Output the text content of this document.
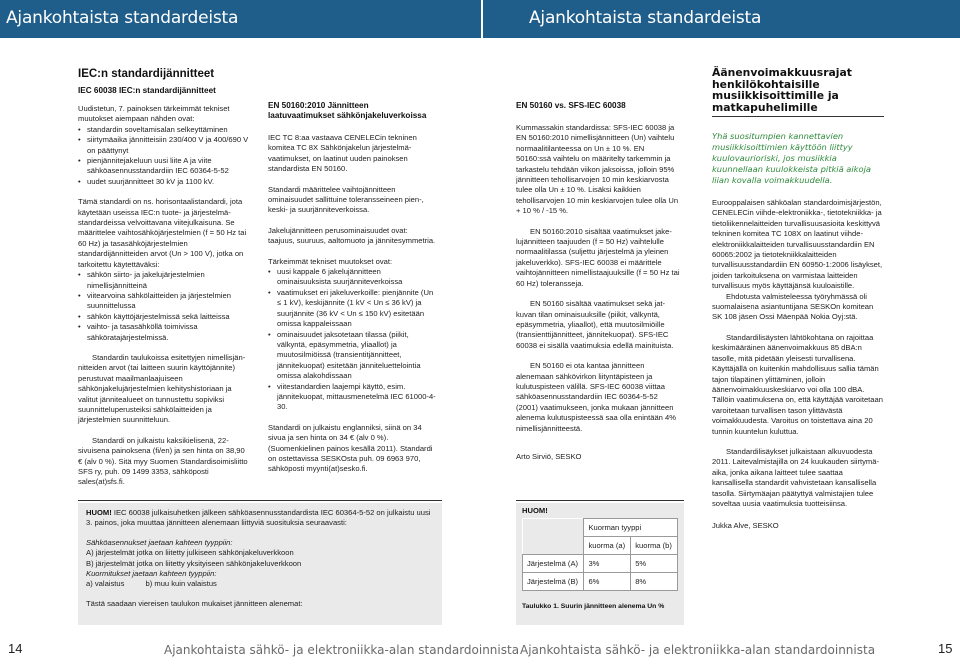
Ajankohtaista standardeista	Ajankohtaista standardeista
IEC:n standardijännitteet
IEC 60038 IEC:n standardijännitteet
Uudistetun, 7. painoksen tärkeimmät tekniset muutokset aiempaan nähden ovat:
• standardin soveltamisalan selkeyttäminen
• siirtymäaika jännitteisiin 230/400 V ja 400/690 V on päättynyt
• pienjännitejakeluun uusi liite A ja viite sähköasennusstandardiin IEC 60364-5-52
• uudet suurjännitteet 30 kV ja 1100 kV.
Tämä standardi on ns. horisontaalistandardi, jota käytetään useissa IEC:n tuote- ja järjestelmästandardeissa velvoittavana viitejulkaisuna. Se määrittelee vaihtosähköjärjestelmien (f = 50 Hz tai 60 Hz) ja tasasähköjärjestelmien standardijännitteiden arvot (Un > 100 V), jotka on tarkoitettu käytettäväksi:
• sähkön siirto- ja jakelujärjestelmien nimellisjännitteinä
• viitearvoina sähkölaitteiden ja järjestelmien suunnittelussa
• sähkön käyttöjärjestelmissä sekä laitteissa
• vaihto- ja tasasähköllä toimivissa sähköratajärjestelmissä.
Standardin taulukoissa esitettyjen nimellisjännitteiden arvot (tai laitteen suurin käyttöjännite) perustuvat maailmanlaajuiseen sähkönjakelujärjestelmien kehityshistoriaan ja valitut jännitealueet on tunnustettu sopiviksi suunnitteluperusteiksi sähkölaitteiden ja järjestelmien suunnitteluun.
Standardi on julkaistu kaksikielisenä, 22-sivuisena painoksena (fi/en) ja sen hinta on 38,90 € (alv 0 %). Sitä myy Suomen Standardisoimisliitto SFS ry, puh. 09 1499 3353, sähköposti sales(at)sfs.fi.
EN 50160:2010 Jännitteen laatuvaatimukset sähkönjakeluverkoissa
IEC TC 8:aa vastaava CENELECin tekninen komitea TC 8X Sähkönjakelun järjestelmävaatimukset, on laatinut uuden painoksen standardista EN 50160.
Standardi määrittelee vaihtojännitteen ominaisuudet sallittuine toleransseineen pien-, keski- ja suurjänniteverkoissa.
Jakelujännitteen perusominaisuudet ovat: taajuus, suuruus, aaltomuoto ja jännitesymmetria.
Tärkeimmät tekniset muutokset ovat:
• uusi kappale 6 jakelujännitteen ominaisuuksista suurjänniteverkoissa
• vaatimukset eri jakeluverkoille: pienjännite (Un ≤ 1 kV), keskijännite (1 kV < Un ≤ 36 kV) ja suurjännite (36 kV < Un ≤ 150 kV) esitetään omissa kappaleissaan
• ominaisuudet jaksotetaan tilassa (piikit, välkyntä, epäsymmetria, yliaallot) ja muutosilmiöissä (transientitjännitteet, jännitekuopat) esitetään jänniteluettelointia omissa alakohdissaan
• viitestandardien laajempi käyttö, esim. jännitekuopat, mittausmenetelmä IEC 61000-4-30.
Standardi on julkaistu englanniksi, siinä on 34 sivua ja sen hinta on 34 € (alv 0 %). (Suomenkielinen painos kesällä 2011). Standardi on ostettavissa SESKOsta puh. 09 6963 970, sähköposti myynti(at)sesko.fi.
HUOM! IEC 60038 julkaisuhetken jälkeen sähköasennusstandardista IEC 60364-5-52 on julkaistu uusi 3. painos, joka muuttaa jännitteen alenemaan liittyviä suosituksia seuraavasti:
Sähköasennukset jaetaan kahteen tyyppiin:
A) järjestelmät jotka on liitetty julkiseen sähkönjakeluverkkoon
B) järjestelmät jotka on liitetty yksityiseen sähkönjakeluverkkoon
Kuormitukset jaetaan kahteen tyyppiin:
a) valaistus          b) muu kuin valaistus
Tästä saadaan viereisen taulukon mukaiset jännitteen alenemat:
EN 50160 vs. SFS-IEC 60038
Kummassakin standardissa: SFS-IEC 60038 ja EN 50160:2010 nimellisjännitteen (Un) vaihtelu normaalitilanteessa on Un ± 10 %. EN 50160:ssä vaihtelu on määritelty tarkemmin ja tarkastelu tehdään viikon jaksoissa, jolloin 95% jännitteen tehollisarvojen 10 min keskiarvosta tulee olla Un ± 10 %. Lisäksi kaikkien tehollisarvojen 10 min keskiarvojen tulee olla Un + 10 % / -15 %.
EN 50160:2010 sisältää vaatimukset jakelujännitteen taajuuden (f = 50 Hz) vaihtelulle normaalitilassa (suljettu järjestelmä ja yleinen jakeluverkko). SFS-IEC 60038 ei määrittele vaihtojännitteen nimellistaajuuksille (f = 50 Hz tai 60 Hz) toleranssejа.
EN 50160 sisältää vaatimukset sekä jatkuvan tilan ominaisuuksille (piikit, välkyntä, epäsymmetria, yliaallot), että muutosilmiöille (transienttijännitteet, jännitekuopat). SFS-IEC 60038 ei sisällä vaatimuksia edellä mainituista.
EN 50160 ei ota kantaa jännitteen alenemaan sähkövirkon liityntäpisteen ja kulutuspisteen välillä. SFS-IEC 60038 viittaa sähköasennusstandardiin IEC 60364-5-52 (2001) vaatimukseen, jonka mukaan jännitteen alenema kulutuspisteessä saa olla enintään 4% nimellisjännitteestä.
Arto Sirviö, SESKO
HUOM!
	Kuorman tyyppi	
	kuorma (a)	kuorma (b)
Järjestelmä (A)	3%	5%
Järjestelmä (B)	6%	8%
Taulukko 1. Suurin jännitteen alenema Un %
Äänenvoimakkuusrajat henkilökohtaisille musiikkisoittimille ja matkapuhelimille
Yhä suositumpien kannettavien musiikkisoittimien käyttöön liittyy kuulovaurioriski, jos musiikkia kuunnellaan kuulokkeista pitkiä aikoja liian kovalla voimakkuudella.
Eurooppalaisen sähköalan standardoimisjärjestön, CENELECin viihde-elektroniikka-, tietotekniikka- ja tietoliikennelaitteiden turvallisuusasioita keskittyvä tekninen komitea TC 108X on laatinut viihde-elektroniikkalaitteiden turvallisuusstandardiin EN 60065:2002 ja tietotekniikkalaitteiden turvallisuusstandardiin EN 60950-1:2006 lisäykset, joiden tarkoituksena on varmistaa laitteiden turvallisuus myös käyttäjänsä kuuloaistille.
Ehdotusta valmisteleessa työryhmässä oli suomalaisena asiantuntijana SESKOn komitean SK 108 jäsen Ossi Mäenpää Nokia Oyj:stä.
Standardilisäysten lähtökohtana on rajoittaa keskimääräinen äänenvoimakkuus 85 dBA:n tasolle, mitä pidetään yleisesti turvallisena. Käyttäjällä on kuitenkin mahdollisuus sallia tämän tajon tilapäinen ylittäminen, jolloin äänenvoimakkuuskeskiarvo voi olla 100 dBA. Tällöin vaatimuksena on, että käyttäjää varoitetaan varoitetaan turvallisen tason ylittävästä voimakkuudesta. Varoitus on toistettava aina 20 tunnin kuuntelun kuluttua.
Standardilisäykset julkaistaan alkuvuodesta 2011. Laitevalmistajilla on 24 kuukauden siirtymä-aika, jonka aikana laitteet tulee saattaa kansallisella standardit vahvistetaan kansallisella tasolla. Siirtymäajan päätyttyä valmistajien tulee soveltaa uusia vaatimuksia tuotteisiinsa.
Jukka Alve, SESKO
14	Ajankohtaista sähkö- ja elektroniikka-alan standardoinnista Ajankohtaista sähkö- ja elektroniikka-alan standardoinnista	15
